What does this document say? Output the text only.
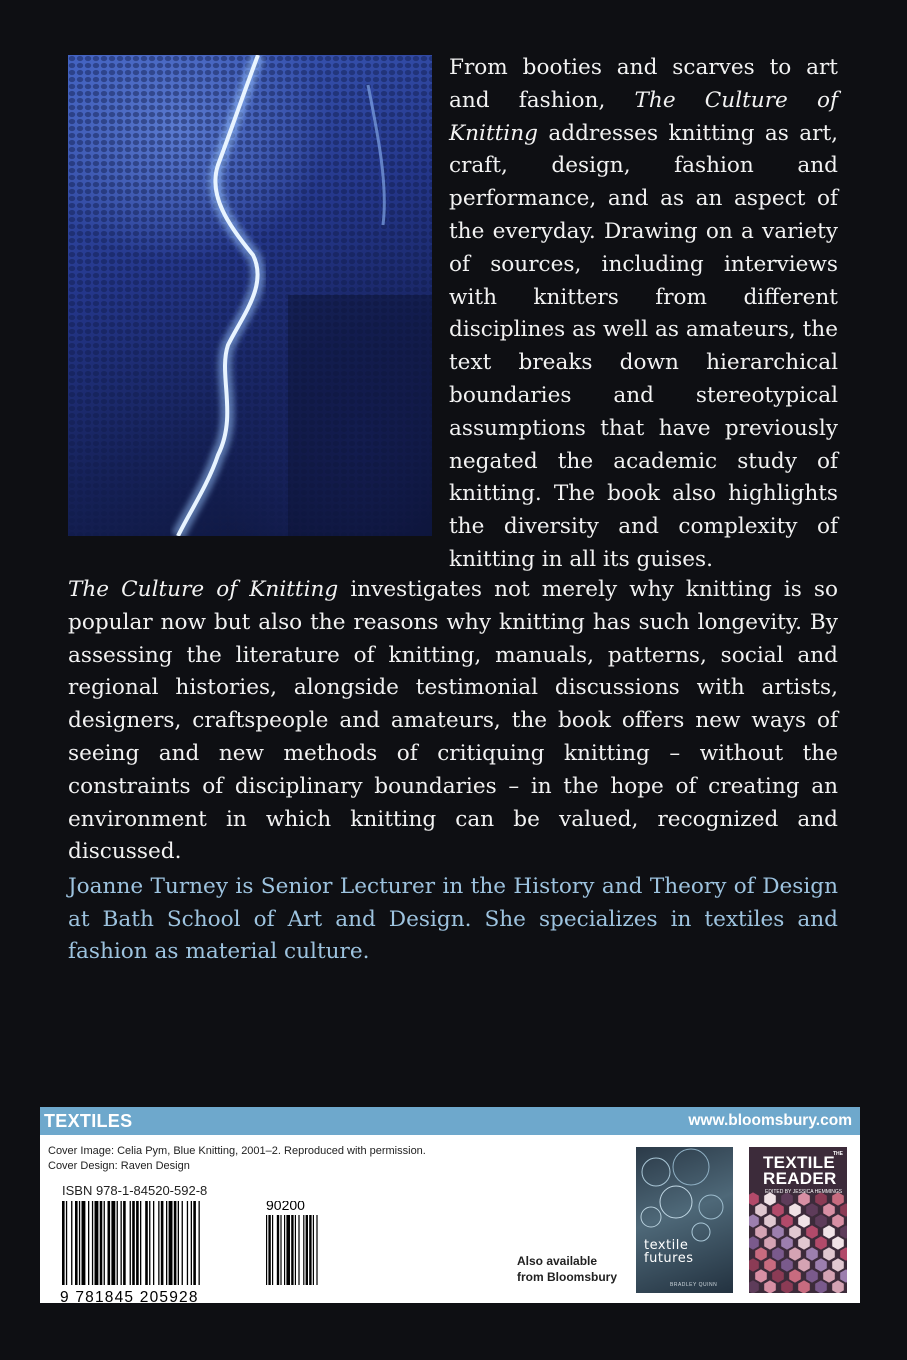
From booties and scarves to art and fashion, The Culture of Knitting addresses knitting as art, craft, design, fashion and performance, and as an aspect of the everyday. Drawing on a variety of sources, including interviews with knitters from different disciplines as well as amateurs, the text breaks down hierarchical boundaries and stereotypical assumptions that have previously negated the academic study of knitting. The book also highlights the diversity and complexity of knitting in all its guises.

The Culture of Knitting investigates not merely why knitting is so popular now but also the reasons why knitting has such longevity. By assessing the literature of knitting, manuals, patterns, social and regional histories, alongside testimonial discussions with artists, designers, craftspeople and amateurs, the book offers new ways of seeing and new methods of critiquing knitting – without the constraints of disciplinary boundaries – in the hope of creating an environment in which knitting can be valued, recognized and discussed.

Joanne Turney is Senior Lecturer in the History and Theory of Design at Bath School of Art and Design. She specializes in textiles and fashion as material culture.

TEXTILES	www.bloomsbury.com
Cover Image: Celia Pym, Blue Knitting, 2001–2. Reproduced with permission.
Cover Design: Raven Design
ISBN 978-1-84520-592-8
90200
9 781845 205928
Also available
from Bloomsbury
textile
futures
BRADLEY QUINN
THE
TEXTILE
READER
EDITED BY JESSICA HEMMINGS
